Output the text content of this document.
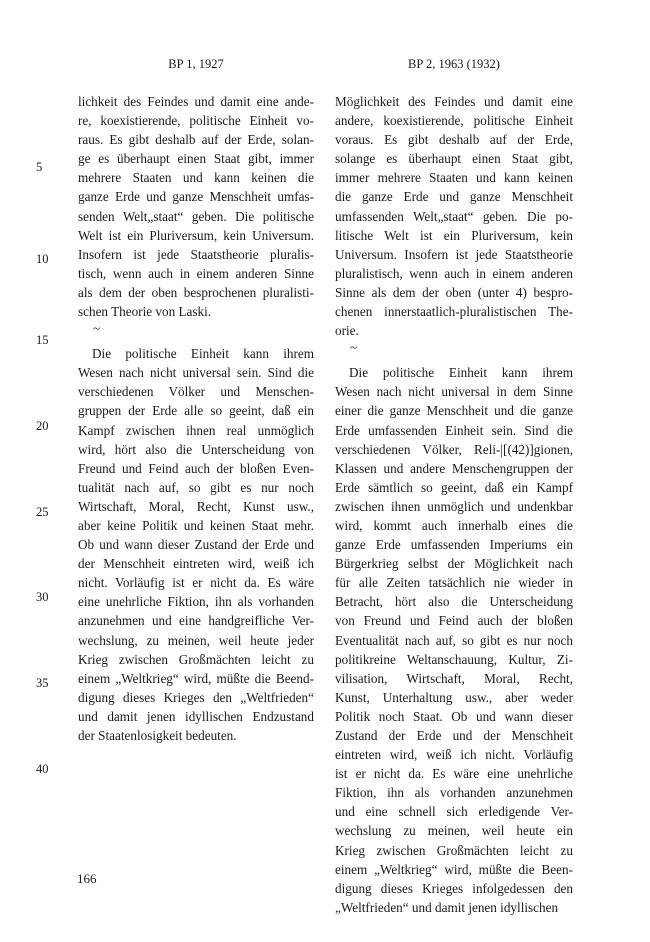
BP 1, 1927	BP 2, 1963 (1932)
lichkeit des Feindes und damit eine ande-
re, koexistierende, politische Einheit vo-
raus. Es gibt deshalb auf der Erde, solan-
ge es überhaupt einen Staat gibt, immer
mehrere Staaten und kann keinen die
ganze Erde und ganze Menschheit umfas-
senden Welt„staat“ geben. Die politische
Welt ist ein Pluriversum, kein Universum.
Insofern ist jede Staatstheorie pluralis-
tisch, wenn auch in einem anderen Sinne
als dem der oben besprochenen pluralisti-
schen Theorie von Laski.
~
Die politische Einheit kann ihrem
Wesen nach nicht universal sein. Sind die
verschiedenen Völker und Menschen-
gruppen der Erde alle so geeint, daß ein
Kampf zwischen ihnen real unmöglich
wird, hört also die Unterscheidung von
Freund und Feind auch der bloßen Even-
tualität nach auf, so gibt es nur noch
Wirtschaft, Moral, Recht, Kunst usw.,
aber keine Politik und keinen Staat mehr.
Ob und wann dieser Zustand der Erde und
der Menschheit eintreten wird, weiß ich
nicht. Vorläufig ist er nicht da. Es wäre
eine unehrliche Fiktion, ihn als vorhanden
anzunehmen und eine handgreifliche Ver-
wechslung, zu meinen, weil heute jeder
Krieg zwischen Großmächten leicht zu
einem „Weltkrieg“ wird, müßte die Beend-
digung dieses Krieges den „Weltfrieden“
und damit jenen idyllischen Endzustand
der Staatenlosigkeit bedeuten.
Möglichkeit des Feindes und damit eine
andere, koexistierende, politische Einheit
voraus. Es gibt deshalb auf der Erde,
solange es überhaupt einen Staat gibt,
immer mehrere Staaten und kann keinen
die ganze Erde und ganze Menschheit
umfassenden Welt„staat“ geben. Die po-
litische Welt ist ein Pluriversum, kein
Universum. Insofern ist jede Staatstheorie
pluralistisch, wenn auch in einem anderen
Sinne als dem der oben (unter 4) bespro-
chenen innerstaatlich-pluralistischen The-
orie.
~
Die politische Einheit kann ihrem
Wesen nach nicht universal in dem Sinne
einer die ganze Menschheit und die ganze
Erde umfassenden Einheit sein. Sind die
verschiedenen Völker, Reli-|[(42)]gionen,
Klassen und andere Menschengruppen der
Erde sämtlich so geeint, daß ein Kampf
zwischen ihnen unmöglich und undenkbar
wird, kommt auch innerhalb eines die
ganze Erde umfassenden Imperiums ein
Bürgerkrieg selbst der Möglichkeit nach
für alle Zeiten tatsächlich nie wieder in
Betracht, hört also die Unterscheidung
von Freund und Feind auch der bloßen
Eventualität nach auf, so gibt es nur noch
politikreine Weltanschauung, Kultur, Zi-
vilisation, Wirtschaft, Moral, Recht,
Kunst, Unterhaltung usw., aber weder
Politik noch Staat. Ob und wann dieser
Zustand der Erde und der Menschheit
eintreten wird, weiß ich nicht. Vorläufig
ist er nicht da. Es wäre eine unehrliche
Fiktion, ihn als vorhanden anzunehmen
und eine schnell sich erledigende Ver-
wechslung zu meinen, weil heute ein
Krieg zwischen Großmächten leicht zu
einem „Weltkrieg“ wird, müßte die Been-
digung dieses Krieges infolgedessen den
„Weltfrieden“ und damit jenen idyllischen
5
10
15
20
25
30
35
40
166
